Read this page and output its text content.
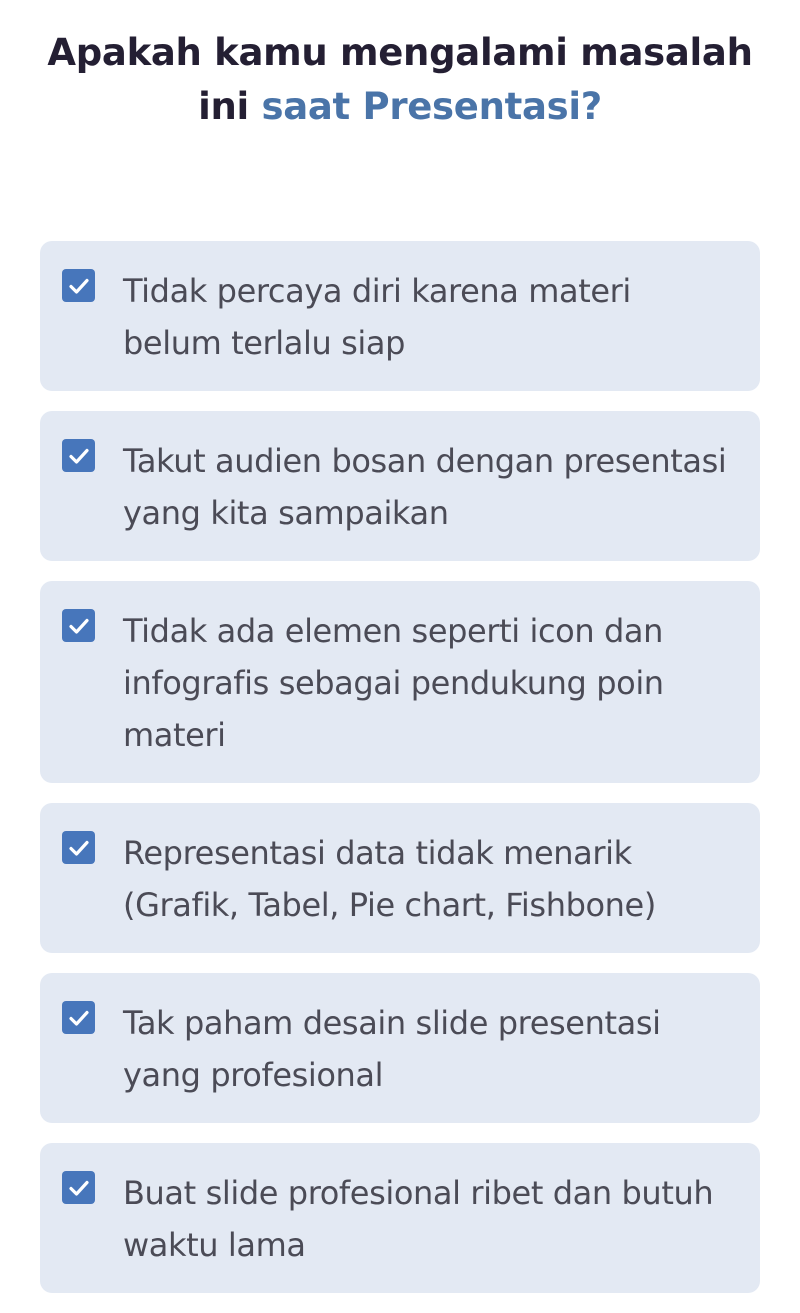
Apakah kamu mengalami masalah
ini saat Presentasi?
Tidak percaya diri karena materi belum terlalu siap
Takut audien bosan dengan presentasi yang kita sampaikan
Tidak ada elemen seperti icon dan infografis sebagai pendukung poin materi
Representasi data tidak menarik (Grafik, Tabel, Pie chart, Fishbone)
Tak paham desain slide presentasi yang profesional
Buat slide profesional ribet dan butuh waktu lama
